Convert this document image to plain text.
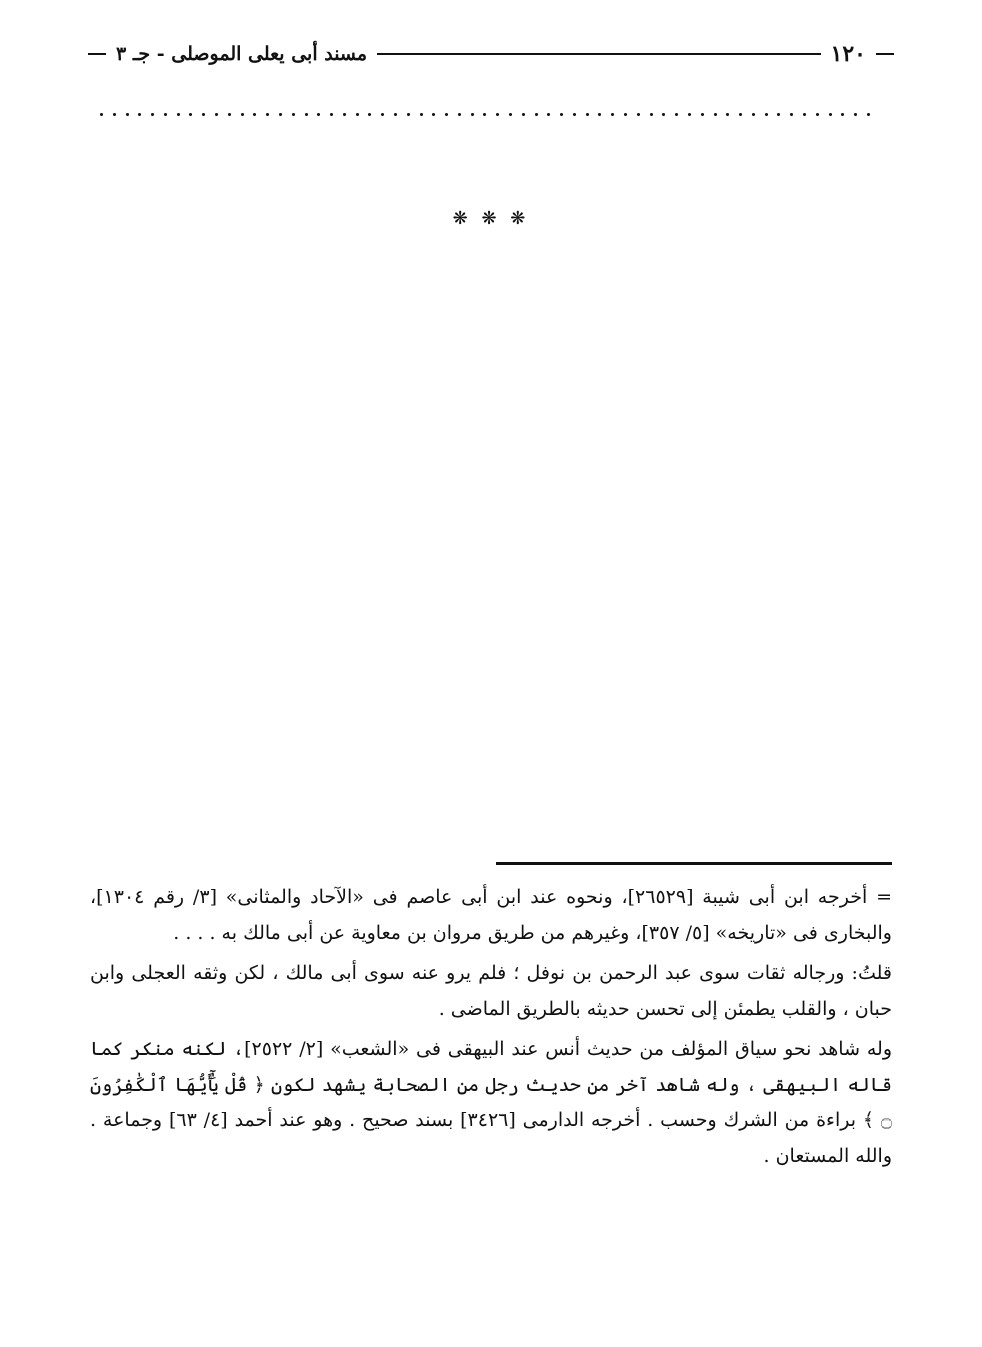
١٢٠
مسند أبى يعلى الموصلى - جـ ٣
❋ ❋ ❋

= أخرجه ابن أبى شيبة [٢٦٥٢٩]، ونحوه عند ابن أبى عاصم فى «الآحاد والمثانى» [٣/ رقم ١٣٠٤]، والبخارى فى «تاريخه» [٥/ ٣٥٧]، وغيرهم من طريق مروان بن معاوية عن أبى مالك به . . . .

قلتُ: ورجاله ثقات سوى عبد الرحمن بن نوفل ؛ فلم يرو عنه سوى أبى مالك ، لكن وثقه العجلى وابن حبان ، والقلب يطمئن إلى تحسن حديثه بالطريق الماضى .

وله شاهد نحو سياق المؤلف من حديث أنس عند البيهقى فى «الشعب» [٢/ ٢٥٢٢]، لكنه منكر كما قاله البيهقى ، وله شاهد آخر من حديث رجل من الصحابة يشهد لكون ﴿ قُلْ يَٰٓأَيُّهَا ٱلْكَٰفِرُونَ ۝ ﴾ براءة من الشرك وحسب . أخرجه الدارمى [٣٤٢٦] بسند صحيح . وهو عند أحمد [٤/ ٦٣] وجماعة . والله المستعان .
